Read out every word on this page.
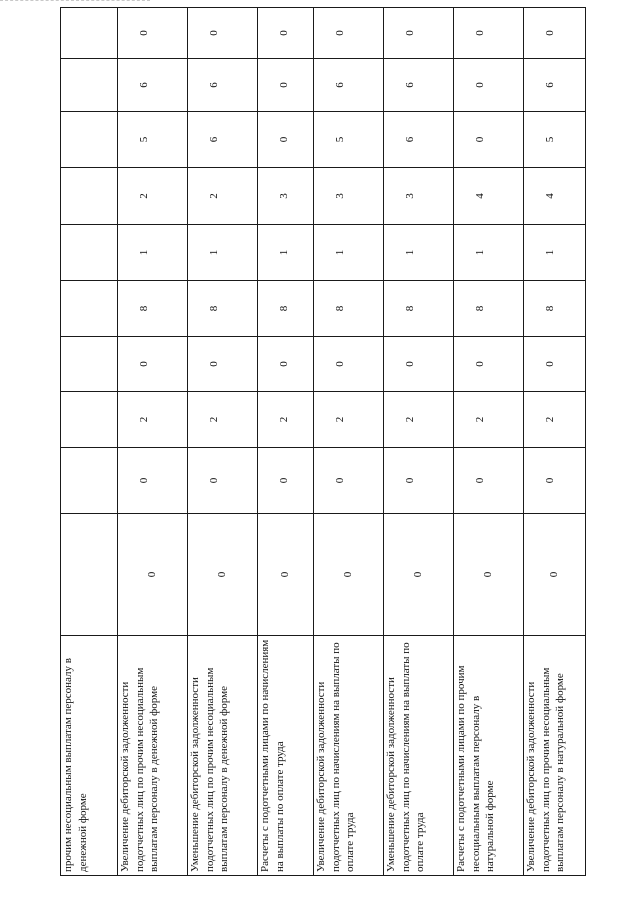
прочим несоциальным выплатам персоналу в денежной форме										
Увеличение дебиторской задолженности подотчетных лиц по прочим несоциальным выплатам персоналу в денежной форме	0	0	2	0	8	1	2	5	6	0
Уменьшение дебиторской задолженности подотчетных лиц по прочим несоциальным выплатам персоналу в денежной форме	0	0	2	0	8	1	2	6	6	0
Расчеты с подотчетными лицами по начислениям на выплаты по оплате труда	0	0	2	0	8	1	3	0	0	0
Увеличение дебиторской задолженности подотчетных лиц по начислениям на выплаты по оплате труда	0	0	2	0	8	1	3	5	6	0
Уменьшение дебиторской задолженности подотчетных лиц по начислениям на выплаты по оплате труда	0	0	2	0	8	1	3	6	6	0
Расчеты с подотчетными лицами по прочим несоциальным выплатам персоналу в натуральной форме	0	0	2	0	8	1	4	0	0	0
Увеличение дебиторской задолженности подотчетных лиц по прочим несоциальным выплатам персоналу в натуральной форме	0	0	2	0	8	1	4	5	6	0
